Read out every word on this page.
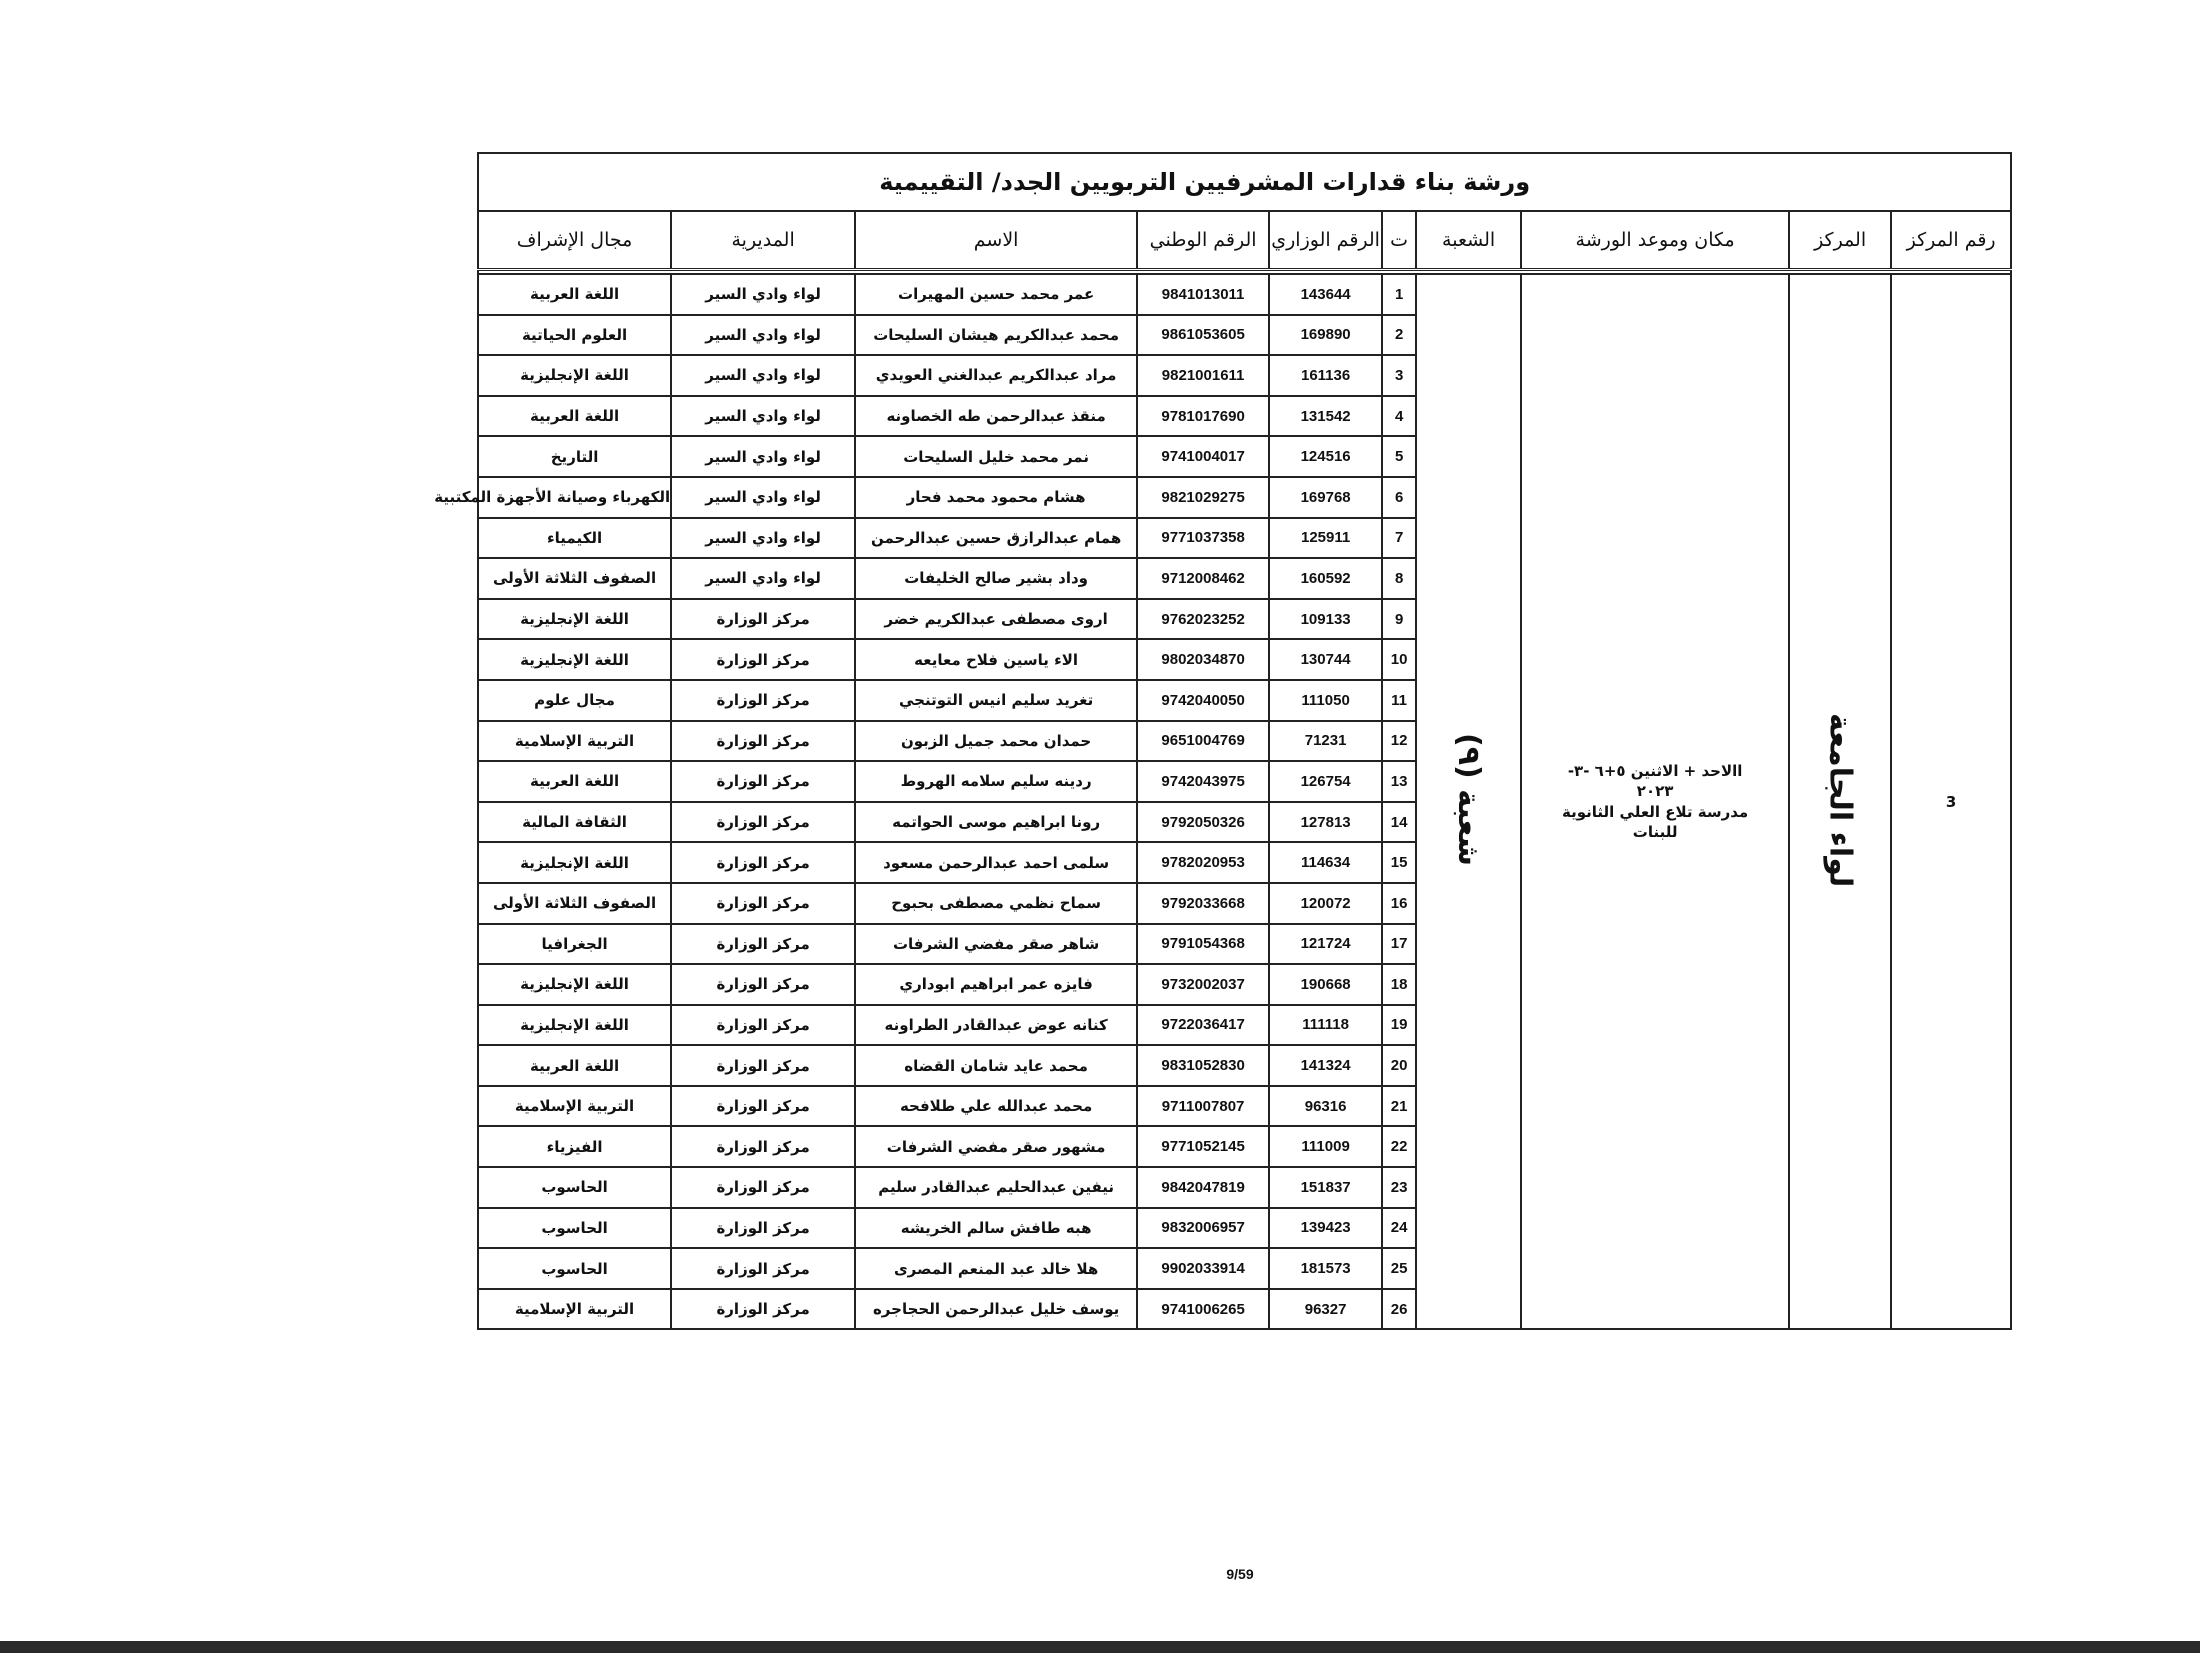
ورشة بناء قدارات المشرفيين التربويين الجدد/ التقييمية									
رقم المركز	المركز	مكان وموعد الورشة	الشعبة	ت	الرقم الوزاري	الرقم الوطني	الاسم	المديرية	مجال الإشراف

3	لواء الجامعة	االاحد + الاثنين ٥+٦ -٣-
٢٠٢٣
مدرسة تلاع العلي الثانوية
للبنات	شعبة (٩)	1	143644	9841013011	عمر محمد حسين المهيرات	لواء وادي السير	اللغة العربية
				2	169890	9861053605	محمد عبدالكريم هيشان السليحات	لواء وادي السير	العلوم الحياتية
				3	161136	9821001611	مراد عبدالكريم عبدالغني العويدي	لواء وادي السير	اللغة الإنجليزية
				4	131542	9781017690	منقذ عبدالرحمن طه الخصاونه	لواء وادي السير	اللغة العربية
				5	124516	9741004017	نمر محمد خليل السليحات	لواء وادي السير	التاريخ
				6	169768	9821029275	هشام محمود محمد فحار	لواء وادي السير	الكهرباء وصيانة الأجهزة المكتبية
				7	125911	9771037358	همام عبدالرازق حسين عبدالرحمن	لواء وادي السير	الكيمياء
				8	160592	9712008462	وداد بشير صالح الخليفات	لواء وادي السير	الصفوف الثلاثة الأولى
				9	109133	9762023252	اروى مصطفى عبدالكريم خضر	مركز الوزارة	اللغة الإنجليزية
				10	130744	9802034870	الاء ياسين فلاح معايعه	مركز الوزارة	اللغة الإنجليزية
				11	111050	9742040050	تغريد سليم انيس التوتنجي	مركز الوزارة	مجال علوم
				12	71231	9651004769	حمدان محمد جميل الزبون	مركز الوزارة	التربية الإسلامية
				13	126754	9742043975	ردينه سليم سلامه الهروط	مركز الوزارة	اللغة العربية
				14	127813	9792050326	رونا ابراهيم موسى الحواتمه	مركز الوزارة	الثقافة المالية
				15	114634	9782020953	سلمى احمد عبدالرحمن مسعود	مركز الوزارة	اللغة الإنجليزية
				16	120072	9792033668	سماح نظمي مصطفى بحبوح	مركز الوزارة	الصفوف الثلاثة الأولى
				17	121724	9791054368	شاهر صقر مفضي الشرفات	مركز الوزارة	الجغرافيا
				18	190668	9732002037	فايزه عمر ابراهيم ابوداري	مركز الوزارة	اللغة الإنجليزية
				19	111118	9722036417	كنانه عوض عبدالقادر الطراونه	مركز الوزارة	اللغة الإنجليزية
				20	141324	9831052830	محمد عايد شامان القضاه	مركز الوزارة	اللغة العربية
				21	96316	9711007807	محمد عبدالله علي طلافحه	مركز الوزارة	التربية الإسلامية
				22	111009	9771052145	مشهور صقر مفضي الشرفات	مركز الوزارة	الفيزياء
				23	151837	9842047819	نيفين عبدالحليم عبدالقادر سليم	مركز الوزارة	الحاسوب
				24	139423	9832006957	هبه طافش سالم الخريشه	مركز الوزارة	الحاسوب
				25	181573	9902033914	هلا خالد عبد المنعم المصرى	مركز الوزارة	الحاسوب
				26	96327	9741006265	يوسف خليل عبدالرحمن الحجاجره	مركز الوزارة	التربية الإسلامية
9/59
